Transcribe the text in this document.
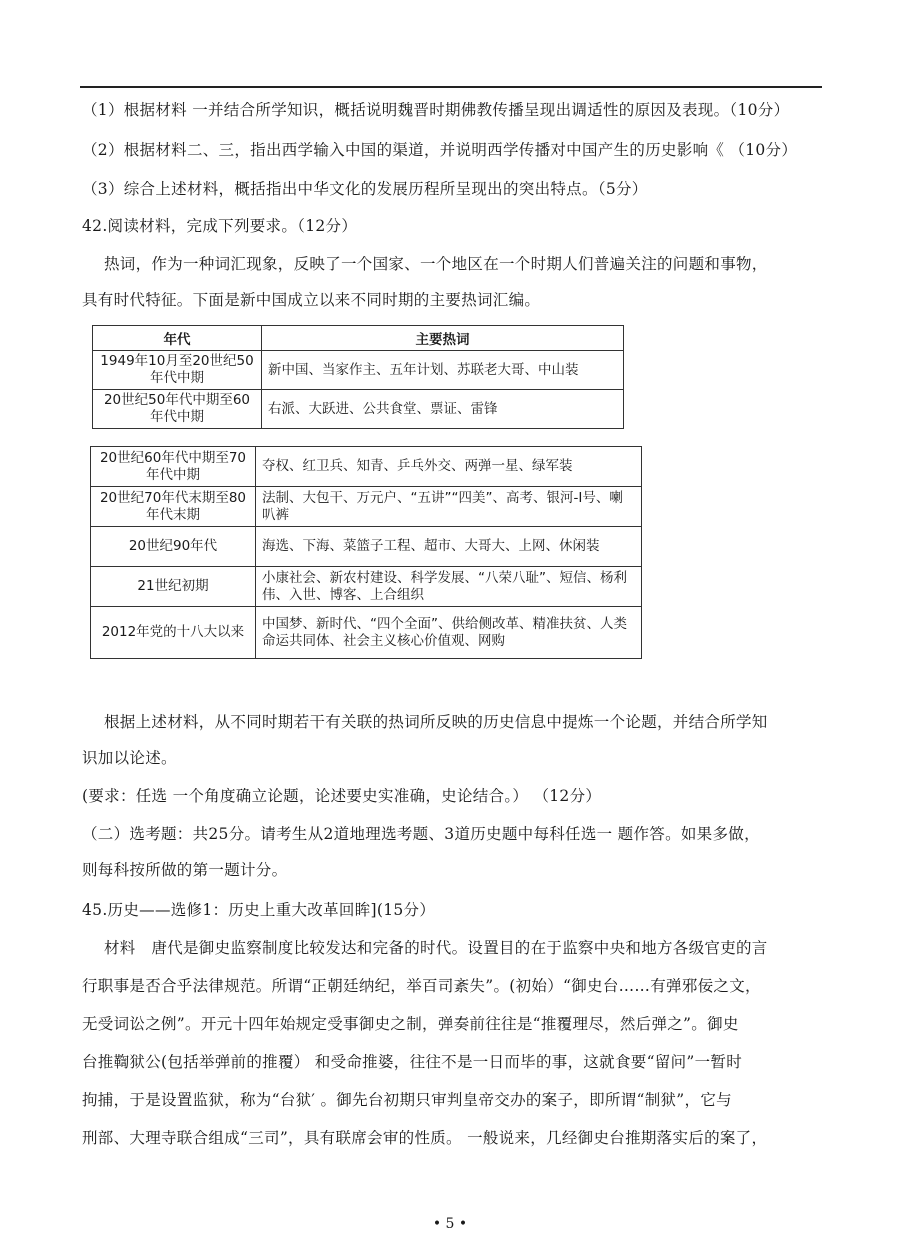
（1）根据材料 一并结合所学知识，概括说明魏晋时期佛教传播呈现出调适性的原因及表现。（10分）
（2）根据材料二、三，指出西学输入中国的渠道，并说明西学传播对中国产生的历史影响《 （10分）
（3）综合上述材料，概括指出中华文化的发展历程所呈现出的突出特点。（5分）
42.阅读材料，完成下列要求。（12分）
热词，作为一种词汇现象，反映了一个国家、一个地区在一个时期人们普遍关注的问题和事物，
具有时代特征。下面是新中国成立以来不同时期的主要热词汇编。
年代	主要热词
1949年10月至20世纪50年代中期	新中国、当家作主、五年计划、苏联老大哥、中山装
20世纪50年代中期至60年代中期	右派、大跃进、公共食堂、票证、雷锋
20世纪60年代中期至70年代中期	夺权、红卫兵、知青、乒乓外交、两弹一星、绿军装
20世纪70年代末期至80年代末期	法制、大包干、万元户、“五讲”“四美”、高考、银河-I号、喇叭裤
20世纪90年代	海选、下海、菜篮子工程、超市、大哥大、上网、休闲装
21世纪初期	小康社会、新农村建设、科学发展、“八荣八耻”、短信、杨利伟、入世、博客、上合组织
2012年党的十八大以来	中国梦、新时代、“四个全面”、供给侧改革、精准扶贫、人类命运共同体、社会主义核心价值观、网购
根据上述材料，从不同时期若干有关联的热词所反映的历史信息中提炼一个论题，并结合所学知
识加以论述。
(要求：任选 一个角度确立论题，论述要史实准确，史论结合。） （12分）
（二）选考题：共25分。请考生从2道地理选考题、3道历史题中每科任选一 题作答。如果多做，
则每科按所做的第一题计分。
45.历史——选修1：历史上重大改革回眸](15分）
材料　唐代是御史监察制度比较发达和完备的时代。设置目的在于监察中央和地方各级官吏的言
行职事是否合乎法律规范。所谓“正朝廷纳纪，举百司紊失”。(初始）“御史台……有弹邪佞之文，
无受词讼之例”。开元十四年始规定受事御史之制，弹奏前往往是“推覆理尽，然后弹之”。御史
台推鞫狱公(包括举弹前的推覆） 和受命推婆，往往不是一日而毕的事，这就食要“留问”一暂时
拘捕，于是设置监狱，称为“台狱′ 。御先台初期只审判皇帝交办的案子，即所谓“制狱”，它与
刑部、大理寺联合组成“三司”，具有联席会审的性质。 一般说来，几经御史台推期落实后的案了，
• 5 •
